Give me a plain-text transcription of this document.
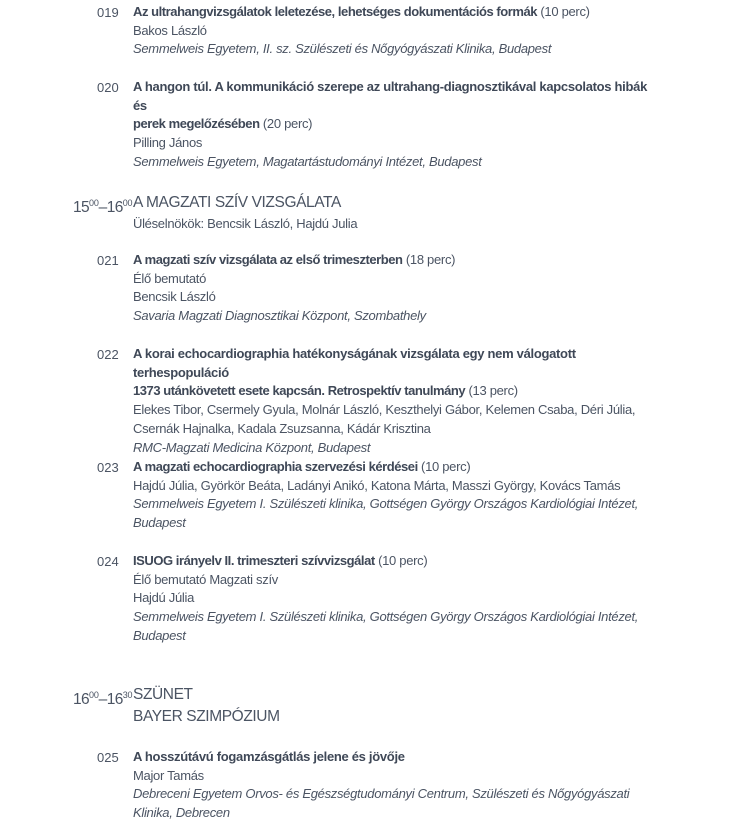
019	Az ultrahangvizsgálatok leletezése, lehetséges dokumentációs formák (10 perc)
Bakos László
Semmelweis Egyetem, II. sz. Szülészeti és Nőgyógyászati Klinika, Budapest
020	A hangon túl. A kommunikáció szerepe az ultrahang-diagnosztikával kapcsolatos hibák és
perek megelőzésében (20 perc)
Pilling János
Semmelweis Egyetem, Magatartástudományi Intézet, Budapest
$15^{00}-16^{00}$ A MAGZATI SZÍV VIZSGÁLATA
Üléselnökök: Bencsik László, Hajdú Julia
021	A magzati szív vizsgálata az első trimeszterben (18 perc)
Élő bemutató
Bencsik László
Savaria Magzati Diagnosztikai Központ, Szombathely
022	A korai echocardiographia hatékonyságának vizsgálata egy nem válogatott terhespopuláció
1373 utánkövetett esete kapcsán. Retrospektív tanulmány (13 perc)
Elekes Tibor, Csermely Gyula, Molnár László, Keszthelyi Gábor, Kelemen Csaba, Déri Júlia,
Csernák Hajnalka, Kadala Zsuzsanna, Kádár Krisztina
RMC-Magzati Medicina Központ, Budapest
023	A magzati echocardiographia szervezési kérdései (10 perc)
Hajdú Júlia, Györkör Beáta, Ladányi Anikó, Katona Márta, Masszi György, Kovács Tamás
Semmelweis Egyetem I. Szülészeti klinika, Gottségen György Országos Kardiológiai Intézet,
Budapest
024	ISUOG irányelv II. trimeszteri szívvizsgálat (10 perc)
Élő bemutató Magzati szív
Hajdú Júlia
Semmelweis Egyetem I. Szülészeti klinika, Gottségen György Országos Kardiológiai Intézet,
Budapest
$16^{00}-16^{30}$ SZÜNET
BAYER SZIMPÓZIUM
025	A hosszútávú fogamzásgátlás jelene és jövője
Major Tamás
Debreceni Egyetem Orvos- és Egészségtudományi Centrum, Szülészeti és Nőgyógyászati
Klinika, Debrecen
